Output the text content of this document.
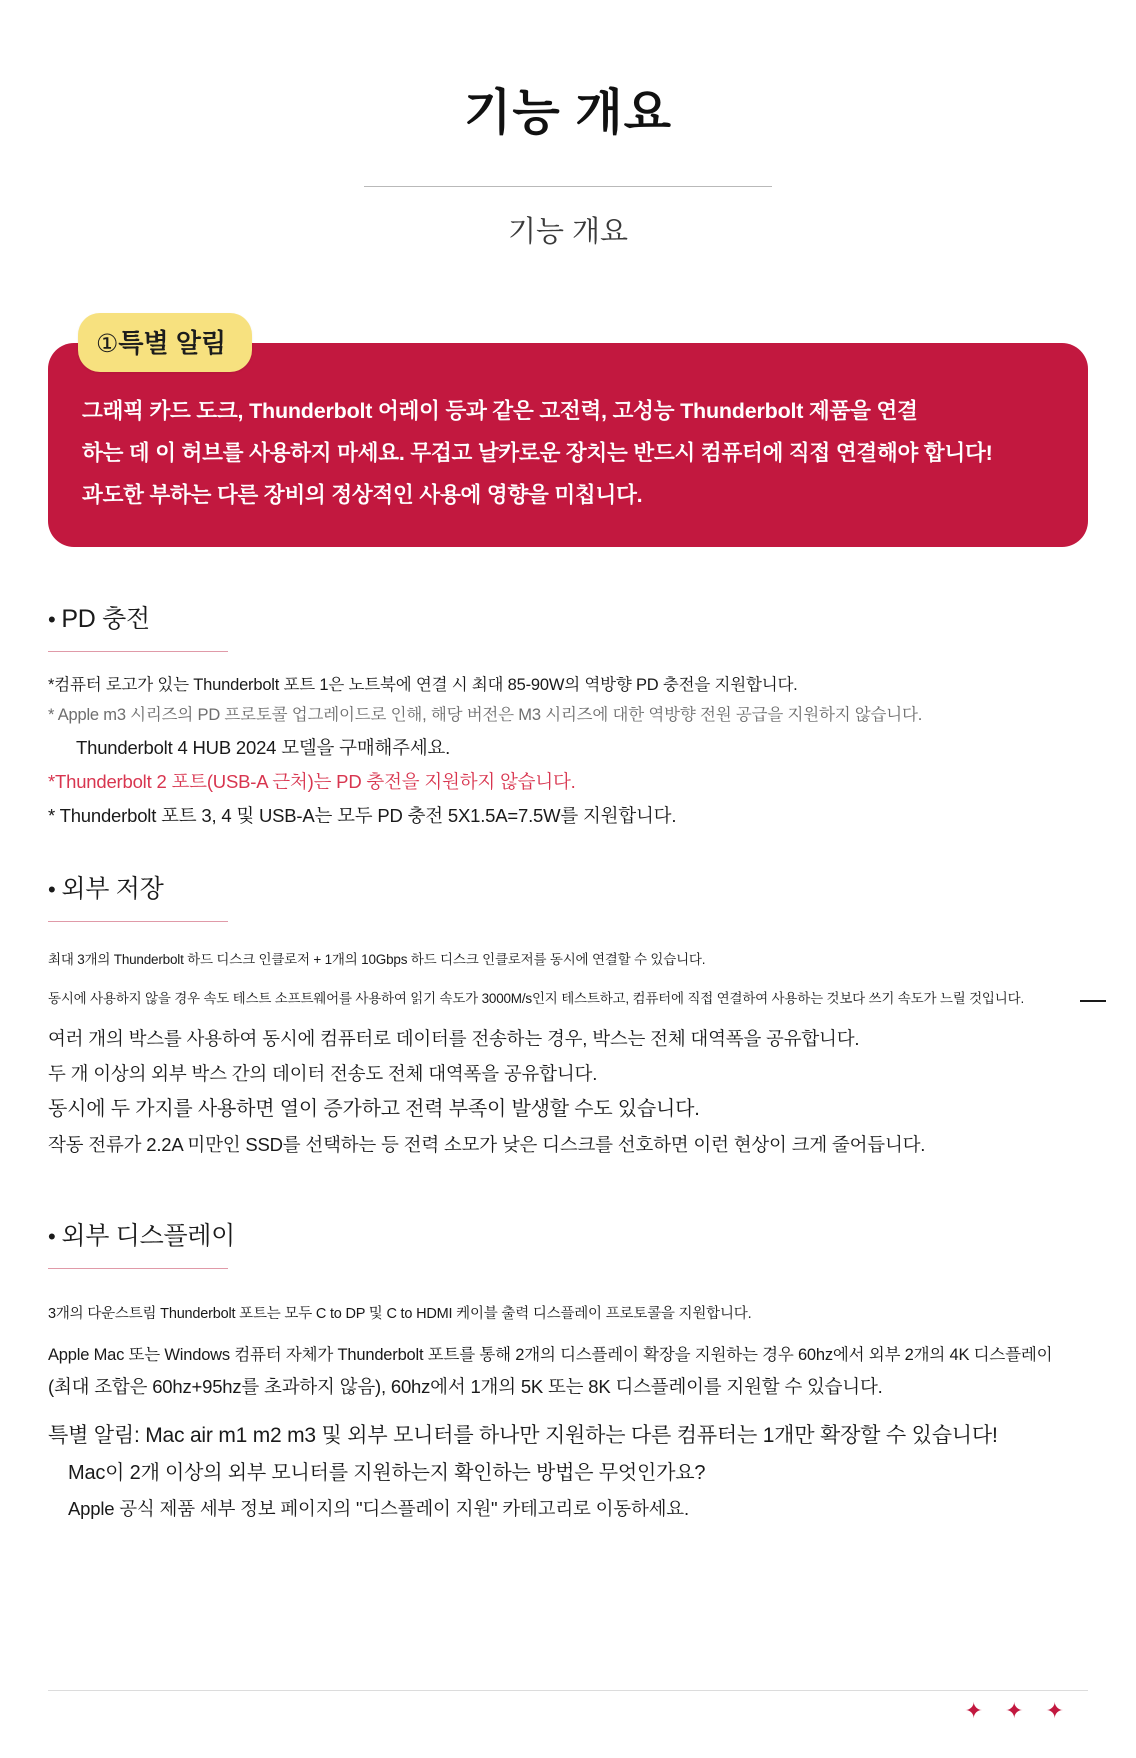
기능 개요

기능 개요

①특별 알림
그래픽 카드 도크, Thunderbolt 어레이 등과 같은 고전력, 고성능 Thunderbolt 제품을 연결
하는 데 이 허브를 사용하지 마세요. 무겁고 날카로운 장치는 반드시 컴퓨터에 직접 연결해야 합니다!
과도한 부하는 다른 장비의 정상적인 사용에 영향을 미칩니다.
• PD 충전
*컴퓨터 로고가 있는 Thunderbolt 포트 1은 노트북에 연결 시 최대 85-90W의 역방향 PD 충전을 지원합니다.
* Apple m3 시리즈의 PD 프로토콜 업그레이드로 인해, 해당 버전은 M3 시리즈에 대한 역방향 전원 공급을 지원하지 않습니다.
Thunderbolt 4 HUB 2024 모델을 구매해주세요.
*Thunderbolt 2 포트(USB-A 근처)는 PD 충전을 지원하지 않습니다.
* Thunderbolt 포트 3, 4 및 USB-A는 모두 PD 충전 5X1.5A=7.5W를 지원합니다.
• 외부 저장
최대 3개의 Thunderbolt 하드 디스크 인클로저 + 1개의 10Gbps 하드 디스크 인클로저를 동시에 연결할 수 있습니다.
동시에 사용하지 않을 경우 속도 테스트 소프트웨어를 사용하여 읽기 속도가 3000M/s인지 테스트하고, 컴퓨터에 직접 연결하여 사용하는 것보다 쓰기 속도가 느릴 것입니다.
여러 개의 박스를 사용하여 동시에 컴퓨터로 데이터를 전송하는 경우, 박스는 전체 대역폭을 공유합니다.
두 개 이상의 외부 박스 간의 데이터 전송도 전체 대역폭을 공유합니다.
동시에 두 가지를 사용하면 열이 증가하고 전력 부족이 발생할 수도 있습니다.
작동 전류가 2.2A 미만인 SSD를 선택하는 등 전력 소모가 낮은 디스크를 선호하면 이런 현상이 크게 줄어듭니다.
• 외부 디스플레이
3개의 다운스트림 Thunderbolt 포트는 모두 C to DP 및 C to HDMI 케이블 출력 디스플레이 프로토콜을 지원합니다.
Apple Mac 또는 Windows 컴퓨터 자체가 Thunderbolt 포트를 통해 2개의 디스플레이 확장을 지원하는 경우 60hz에서 외부 2개의 4K 디스플레이
(최대 조합은 60hz+95hz를 초과하지 않음), 60hz에서 1개의 5K 또는 8K 디스플레이를 지원할 수 있습니다.
특별 알림: Mac air m1 m2 m3 및 외부 모니터를 하나만 지원하는 다른 컴퓨터는 1개만 확장할 수 있습니다!
Mac이 2개 이상의 외부 모니터를 지원하는지 확인하는 방법은 무엇인가요?
Apple 공식 제품 세부 정보 페이지의 "디스플레이 지원" 카테고리로 이동하세요.
✦ ✦ ✦
